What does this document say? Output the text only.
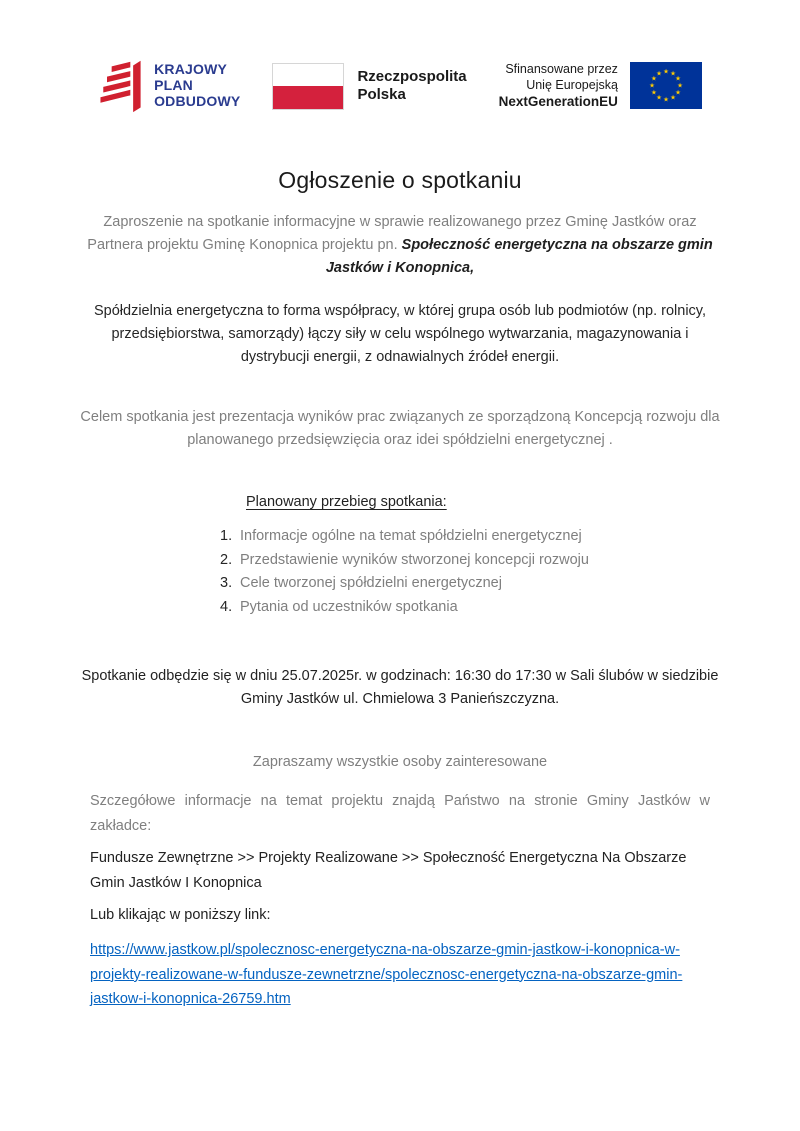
KRAJOWY
PLAN
ODBUDOWY
Rzeczpospolita
Polska
Sfinansowane przez
Unię Europejską
NextGenerationEU
★ ★
★
★
★
★
★
★
★
★
★
★
Ogłoszenie o spotkaniu

Zaproszenie na spotkanie informacyjne w sprawie realizowanego przez Gminę Jastków oraz Partnera projektu Gminę Konopnica projektu pn. Społeczność energetyczna na obszarze gmin Jastków i Konopnica,

Spółdzielnia energetyczna to forma współpracy, w której grupa osób lub podmiotów (np. rolnicy, przedsiębiorstwa, samorządy) łączy siły w celu wspólnego wytwarzania, magazynowania i dystrybucji energii, z odnawialnych źródeł energii.

Celem spotkania jest prezentacja wyników prac związanych ze sporządzoną Koncepcją rozwoju dla planowanego przedsięwzięcia oraz idei spółdzielni energetycznej .

Planowany przebieg spotkania:
1. Informacje ogólne na temat spółdzielni energetycznej
2. Przedstawienie wyników stworzonej koncepcji rozwoju
3. Cele tworzonej spółdzielni energetycznej
4. Pytania od uczestników spotkania

Spotkanie odbędzie się w dniu 25.07.2025r. w godzinach: 16:30 do 17:30 w Sali ślubów w siedzibie Gminy Jastków ul. Chmielowa 3 Panieńszczyzna.

Zapraszamy wszystkie osoby zainteresowane

Szczegółowe informacje na temat projektu znajdą Państwo na stronie Gminy Jastków w zakładce:

Fundusze Zewnętrzne >> Projekty Realizowane >> Społeczność Energetyczna Na Obszarze Gmin Jastków I Konopnica

Lub klikając w poniższy link:

https://www.jastkow.pl/spolecznosc-energetyczna-na-obszarze-gmin-jastkow-i-konopnica-w-projekty-realizowane-w-fundusze-zewnetrzne/spolecznosc-energetyczna-na-obszarze-gmin-jastkow-i-konopnica-26759.htm
